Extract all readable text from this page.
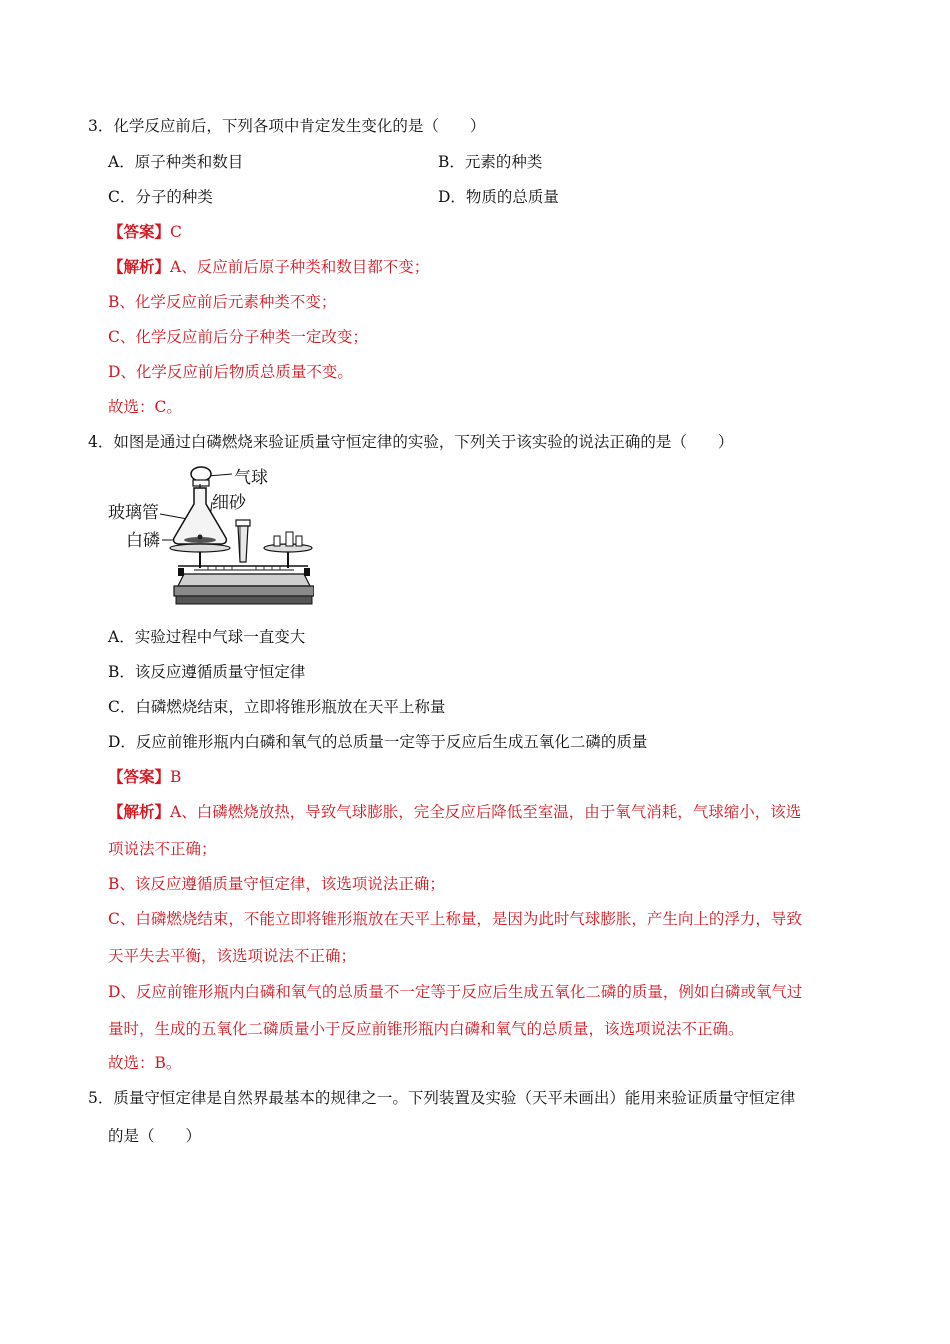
3．化学反应前后，下列各项中肯定发生变化的是（　　）
A．原子种类和数目	B．元素的种类
C．分子的种类	D．物质的总质量
【答案】C
【解析】A、反应前后原子种类和数目都不变；
B、化学反应前后元素种类不变；
C、化学反应前后分子种类一定改变；
D、化学反应前后物质总质量不变。
故选：C。
4．如图是通过白磷燃烧来验证质量守恒定律的实验，下列关于该实验的说法正确的是（　　）
气球
细砂
玻璃管
白磷
A．实验过程中气球一直变大
B．该反应遵循质量守恒定律
C．白磷燃烧结束，立即将锥形瓶放在天平上称量
D．反应前锥形瓶内白磷和氧气的总质量一定等于反应后生成五氧化二磷的质量
【答案】B
【解析】A、白磷燃烧放热，导致气球膨胀，完全反应后降低至室温，由于氧气消耗，气球缩小，该选
项说法不正确；
B、该反应遵循质量守恒定律，该选项说法正确；
C、白磷燃烧结束，不能立即将锥形瓶放在天平上称量，是因为此时气球膨胀，产生向上的浮力，导致
天平失去平衡，该选项说法不正确；
D、反应前锥形瓶内白磷和氧气的总质量不一定等于反应后生成五氧化二磷的质量，例如白磷或氧气过
量时，生成的五氧化二磷质量小于反应前锥形瓶内白磷和氧气的总质量，该选项说法不正确。
故选：B。
5．质量守恒定律是自然界最基本的规律之一。下列装置及实验（天平未画出）能用来验证质量守恒定律
的是（　　）
